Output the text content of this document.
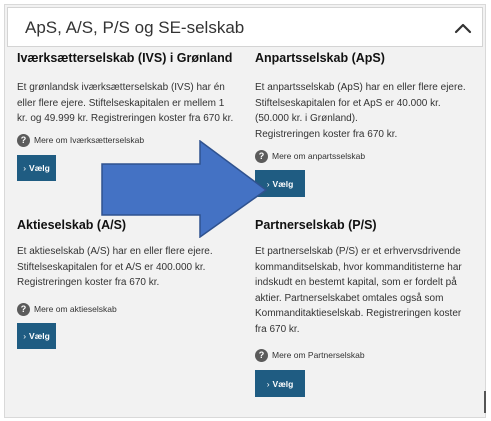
ApS, A/S, P/S og SE-selskab
Iværksætterselskab (IVS) i Grønland

Et grønlandsk iværksætterselskab (IVS) har én
eller flere ejere. Stiftelseskapitalen er mellem 1
kr. og 49.999 kr. Registreringen koster fra 670 kr.

? Mere om Iværksætterselskab
› Vælg
Anpartsselskab (ApS)

Et anpartsselskab (ApS) har en eller flere ejere.
Stiftelseskapitalen for et ApS er 40.000 kr.
(50.000 kr. i Grønland).
Registreringen koster fra 670 kr.

? Mere om anpartsselskab
› Vælg
Aktieselskab (A/S)

Et aktieselskab (A/S) har en eller flere ejere.
Stiftelseskapitalen for et A/S er 400.000 kr.
Registreringen koster fra 670 kr.

? Mere om aktieselskab
› Vælg
Partnerselskab (P/S)

Et partnerselskab (P/S) er et erhvervsdrivende
kommanditselskab, hvor kommanditisterne har
indskudt en bestemt kapital, som er fordelt på
aktier. Partnerselskabet omtales også som
Kommanditaktieselskab. Registreringen koster
fra 670 kr.

? Mere om Partnerselskab
› Vælg
